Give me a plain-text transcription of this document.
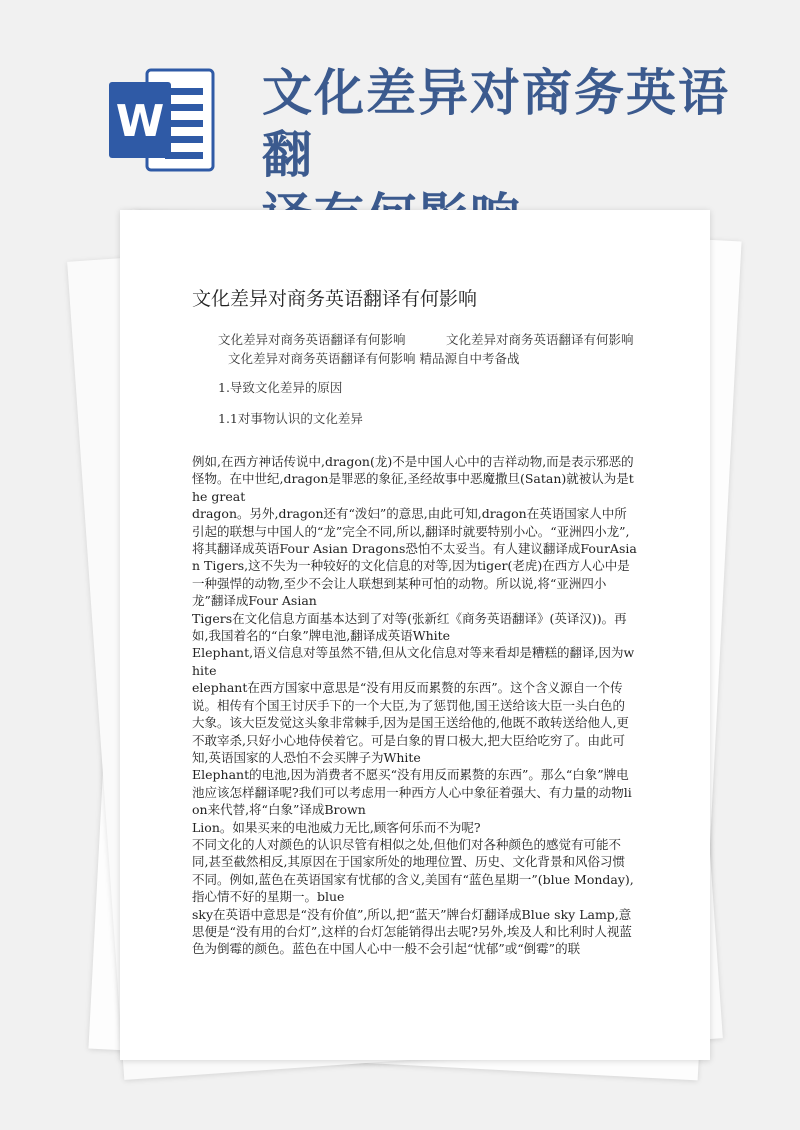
W 文化差异对商务英语翻
文化差异对商务英语翻译有何影响
文化差异对商务英语翻译有何影响	文化差异对商务英语翻译有何影响
文化差异对商务英语翻译有何影响 精品源自中考备战
1.导致文化差异的原因
1.1对事物认识的文化差异

例如,在西方神话传说中,dragon(龙)不是中国人心中的吉祥动物,而是表示邪恶的怪物。在中世纪,dragon是罪恶的象征,圣经故事中恶魔撒旦(Satan)就被认为是the great

dragon。另外,dragon还有“泼妇”的意思,由此可知,dragon在英语国家人中所引起的联想与中国人的“龙”完全不同,所以,翻译时就要特别小心。“亚洲四小龙”,将其翻译成英语Four Asian Dragons恐怕不太妥当。有人建议翻译成FourAsian Tigers,这不失为一种较好的文化信息的对等,因为tiger(老虎)在西方人心中是一种强悍的动物,至少不会让人联想到某种可怕的动物。所以说,将“亚洲四小龙”翻译成Four Asian

Tigers在文化信息方面基本达到了对等(张新红《商务英语翻译》(英译汉))。再如,我国着名的“白象”牌电池,翻译成英语White

Elephant,语义信息对等虽然不错,但从文化信息对等来看却是糟糕的翻译,因为white

elephant在西方国家中意思是“没有用反而累赘的东西”。这个含义源自一个传说。相传有个国王讨厌手下的一个大臣,为了惩罚他,国王送给该大臣一头白色的大象。该大臣发觉这头象非常棘手,因为是国王送给他的,他既不敢转送给他人,更不敢宰杀,只好小心地侍侯着它。可是白象的胃口极大,把大臣给吃穷了。由此可知,英语国家的人恐怕不会买牌子为White

Elephant的电池,因为消费者不愿买“没有用反而累赘的东西”。那么“白象”牌电池应该怎样翻译呢?我们可以考虑用一种西方人心中象征着强大、有力量的动物lion来代替,将“白象”译成Brown

Lion。如果买来的电池威力无比,顾客何乐而不为呢?

不同文化的人对颜色的认识尽管有相似之处,但他们对各种颜色的感觉有可能不同,甚至截然相反,其原因在于国家所处的地理位置、历史、文化背景和风俗习惯不同。例如,蓝色在英语国家有忧郁的含义,美国有“蓝色星期一”(blue Monday),指心情不好的星期一。blue

sky在英语中意思是“没有价值”,所以,把“蓝天”牌台灯翻译成Blue sky Lamp,意思便是“没有用的台灯”,这样的台灯怎能销得出去呢?另外,埃及人和比利时人视蓝色为倒霉的颜色。蓝色在中国人心中一般不会引起“忧郁”或“倒霉”的联
